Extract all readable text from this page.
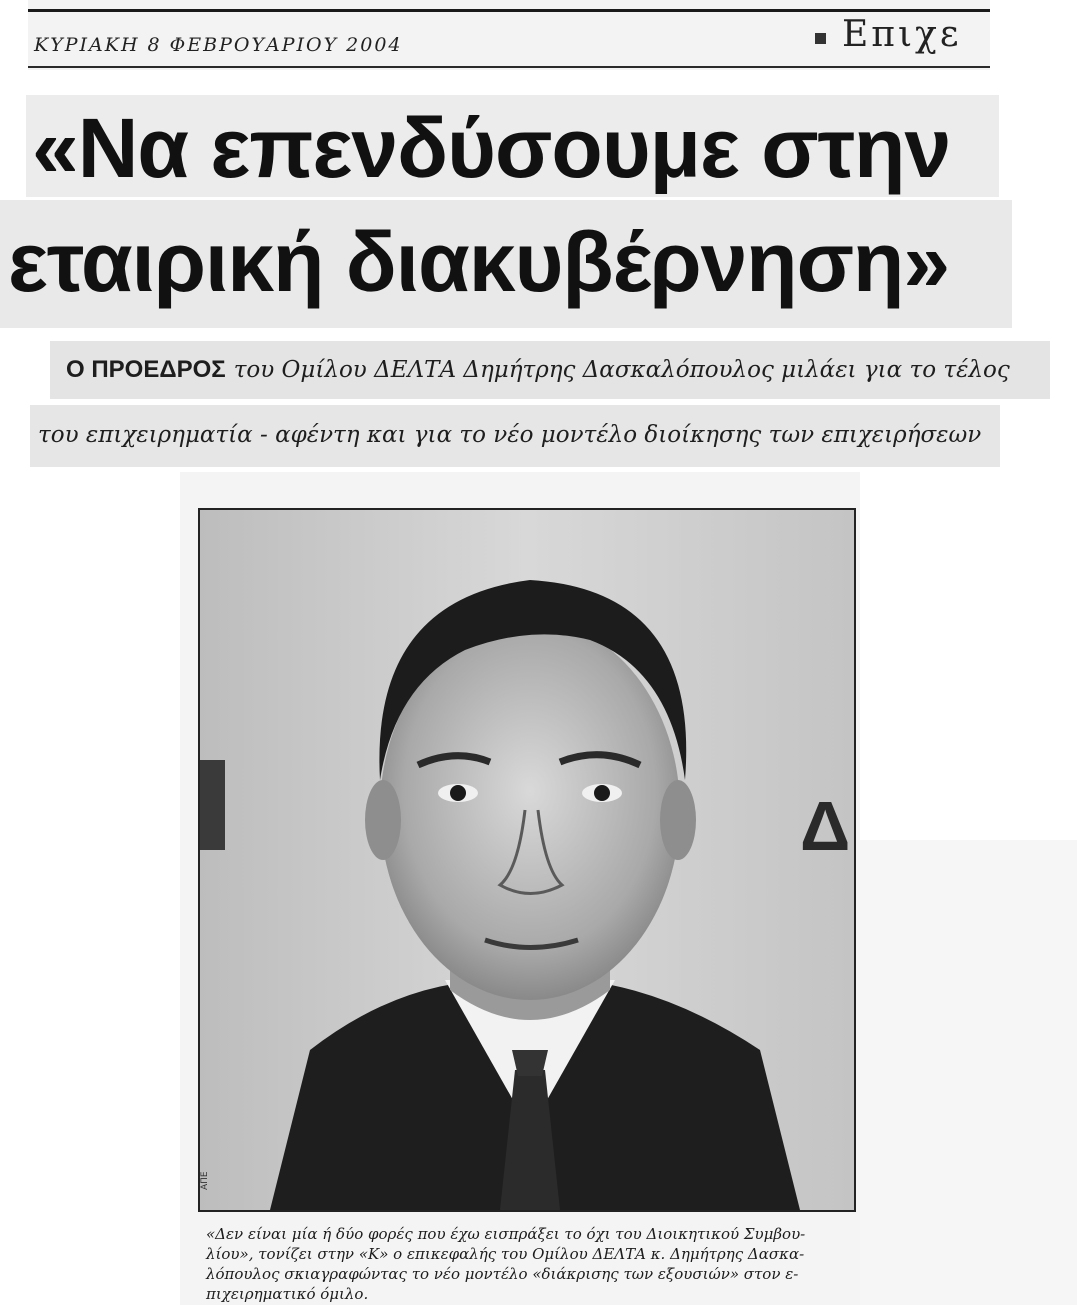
ΚΥΡΙΑΚΗ 8 ΦΕΒΡΟΥΑΡΙΟΥ 2004	Επιχε
«Να επενδύσουμε στην
εταιρική διακυβέρνηση»
Ο ΠΡΟΕΔΡΟΣ του Ομίλου ΔΕΛΤΑ Δημήτρης Δασκαλόπουλος μιλάει για το τέλος
του επιχειρηματία - αφέντη και για το νέο μοντέλο διοίκησης των επιχειρήσεων
Δ
ΑΠΕ
«Δεν είναι μία ή δύο φορές που έχω εισπράξει το όχι του Διοικητικού Συμβου-
λίου», τονίζει στην «Κ» ο επικεφαλής του Ομίλου ΔΕΛΤΑ κ. Δημήτρης Δασκα-
λόπουλος σκιαγραφώντας το νέο μοντέλο «διάκρισης των εξουσιών» στον ε-
πιχειρηματικό όμιλο.
